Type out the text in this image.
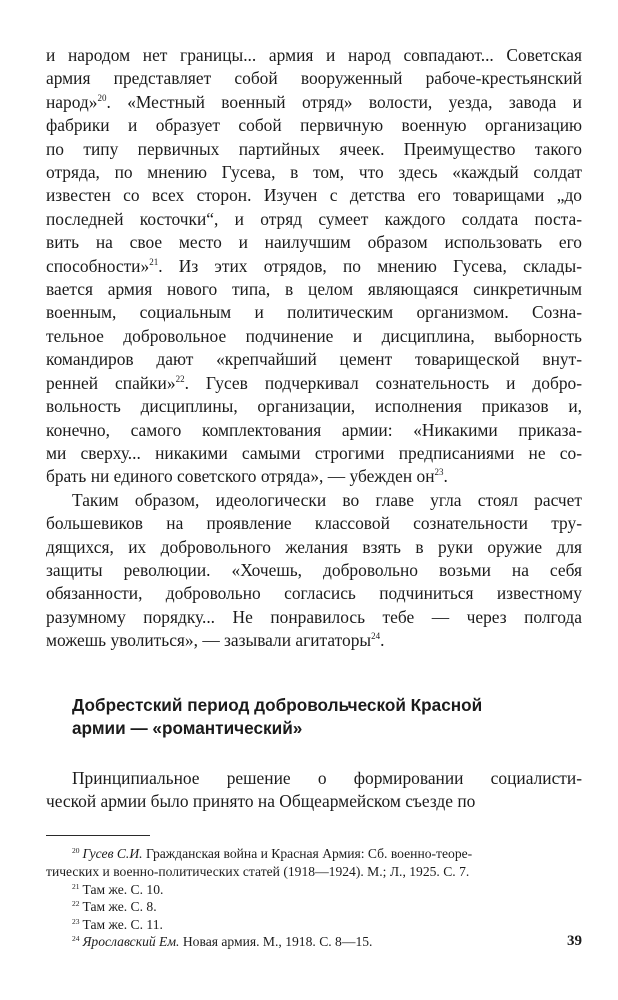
и народом нет границы... армия и народ совпадают... Советская
армия представляет собой вооруженный рабоче-крестьянский
народ»$^{20}$. «Местный военный отряд» волости, уезда, завода и
фабрики и образует собой первичную военную организацию
по типу первичных партийных ячеек. Преимущество такого
отряда, по мнению Гусева, в том, что здесь «каждый солдат
известен со всех сторон. Изучен с детства его товарищами „до
последней косточки“, и отряд сумеет каждого солдата поста-
вить на свое место и наилучшим образом использовать его
способности»$^{21}$. Из этих отрядов, по мнению Гусева, склады-
вается армия нового типа, в целом являющаяся синкретичным
военным, социальным и политическим организмом. Созна-
тельное добровольное подчинение и дисциплина, выборность
командиров дают «крепчайший цемент товарищеской внут-
ренней спайки»$^{22}$. Гусев подчеркивал сознательность и добро-
вольность дисциплины, организации, исполнения приказов и,
конечно, самого комплектования армии: «Никакими приказа-
ми сверху... никакими самыми строгими предписаниями не со-
брать ни единого советского отряда», — убежден $он^{23}$.
Таким образом, идеологически во главе угла стоял расчет
большевиков на проявление классовой сознательности тру-
дящихся, их добровольного желания взять в руки оружие для
защиты революции. «Хочешь, добровольно возьми на себя
обязанности, добровольно согласись подчиниться известному
разумному порядку... Не понравилось тебе — через полгода
можешь уволиться», — зазывали агитаторы$^{24}$.
Добрестский период добровольческой Красной
армии — «романтический»
Принципиальное решение о формировании социалисти-
ческой армии было принято на Общеармейском съезде по
$^{20}$ Гусев С.И. Гражданская война и Красная Армия: Сб. военно-теоре-
тических и военно-политических статей (1918—1924). М.; Л., 1925. С. 7.
$^{21}$ Там же. С. 10.
$^{22}$ Там же. С. 8.
$^{23}$ Там же. С. 11.
$^{24}$ Ярославский Ем. Новая армия. М., 1918. С. 8—15.	39
